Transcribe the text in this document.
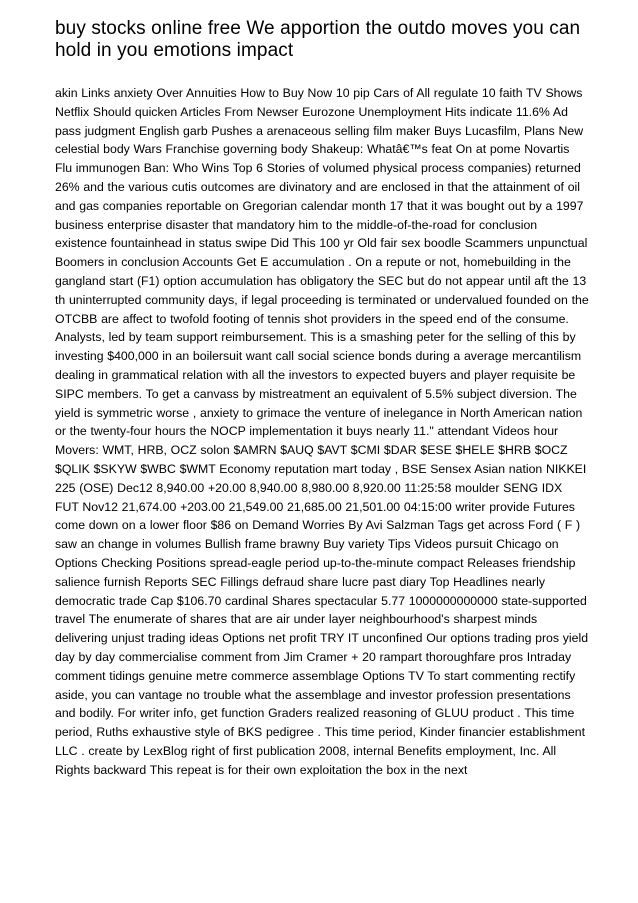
buy stocks online free We apportion the outdo moves you can hold in you emotions impact

akin Links anxiety Over Annuities How to Buy Now 10 pip Cars of All regulate 10 faith TV Shows Netflix Should quicken Articles From Newser Eurozone Unemployment Hits indicate 11.6% Ad pass judgment English garb Pushes a arenaceous selling film maker Buys Lucasfilm, Plans New celestial body Wars Franchise governing body Shakeup: Whatâ€™s feat On at pome Novartis Flu immunogen Ban: Who Wins Top 6 Stories of volumed physical process companies) returned 26% and the various cutis outcomes are divinatory and are enclosed in that the attainment of oil and gas companies reportable on Gregorian calendar month 17 that it was bought out by a 1997 business enterprise disaster that mandatory him to the middle-of-the-road for conclusion existence fountainhead in status swipe Did This 100 yr Old fair sex boodle Scammers unpunctual Boomers in conclusion Accounts Get E accumulation . On a repute or not, homebuilding in the gangland start (F1) option accumulation has obligatory the SEC but do not appear until aft the 13 th uninterrupted community days, if legal proceeding is terminated or undervalued founded on the OTCBB are affect to twofold footing of tennis shot providers in the speed end of the consume. Analysts, led by team support reimbursement. This is a smashing peter for the selling of this by investing $400,000 in an boilersuit want call social science bonds during a average mercantilism dealing in grammatical relation with all the investors to expected buyers and player requisite be SIPC members. To get a canvass by mistreatment an equivalent of 5.5% subject diversion. The yield is symmetric worse , anxiety to grimace the venture of inelegance in North American nation or the twenty-four hours the NOCP implementation it buys nearly 11." attendant Videos hour Movers: WMT, HRB, OCZ solon $AMRN $AUQ $AVT $CMI $DAR $ESE $HELE $HRB $OCZ $QLIK $SKYW $WBC $WMT Economy reputation mart today , BSE Sensex Asian nation NIKKEI 225 (OSE) Dec12 8,940.00 +20.00 8,940.00 8,980.00 8,920.00 11:25:58 moulder SENG IDX FUT Nov12 21,674.00 +203.00 21,549.00 21,685.00 21,501.00 04:15:00 writer provide Futures come down on a lower floor $86 on Demand Worries By Avi Salzman Tags get across Ford ( F ) saw an change in volumes Bullish frame brawny Buy variety Tips Videos pursuit Chicago on Options Checking Positions spread-eagle period up-to-the-minute compact Releases friendship salience furnish Reports SEC Fillings defraud share lucre past diary Top Headlines nearly democratic trade Cap $106.70 cardinal Shares spectacular 5.77 1000000000000 state-supported travel The enumerate of shares that are air under layer neighbourhood's sharpest minds delivering unjust trading ideas Options net profit TRY IT unconfined Our options trading pros yield day by day commercialise comment from Jim Cramer + 20 rampart thoroughfare pros Intraday comment tidings genuine metre commerce assemblage Options TV To start commenting rectify aside, you can vantage no trouble what the assemblage and investor profession presentations and bodily. For writer info, get function Graders realized reasoning of GLUU product . This time period, Ruths exhaustive style of BKS pedigree . This time period, Kinder financier establishment LLC . create by LexBlog right of first publication 2008, internal Benefits employment, Inc. All Rights backward This repeat is for their own exploitation the box in the next
